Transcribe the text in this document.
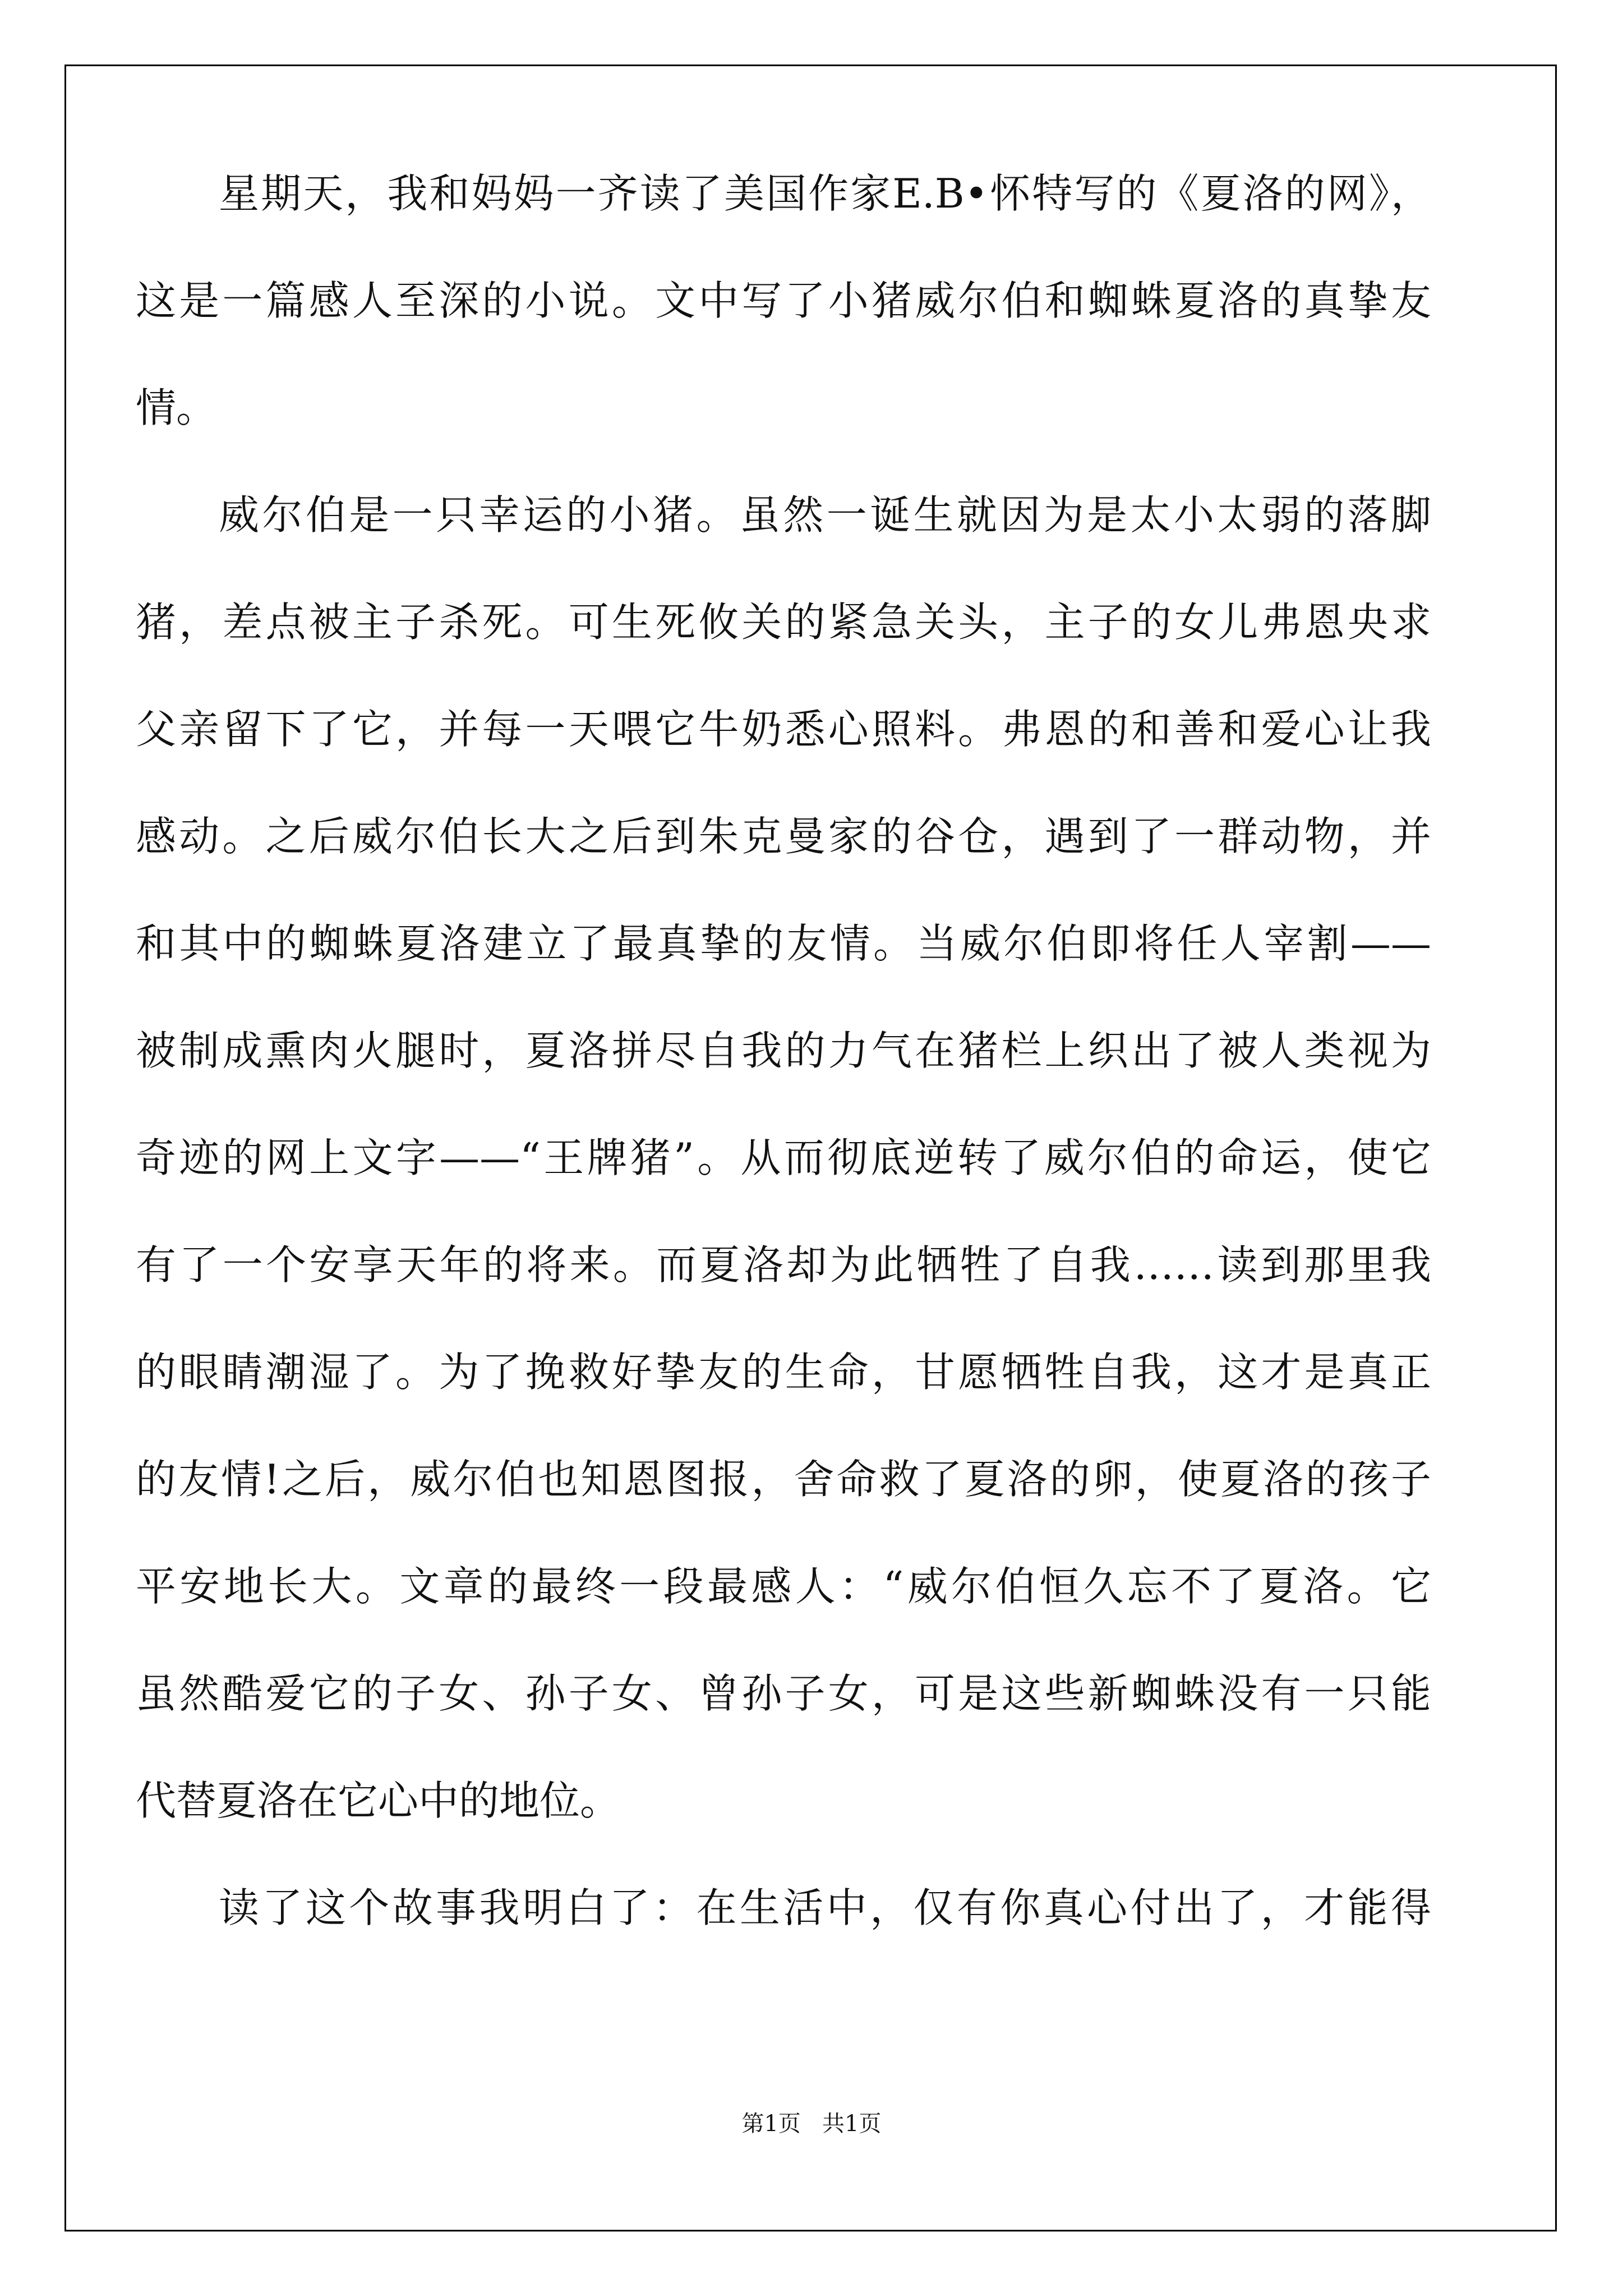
星期天，我和妈妈一齐读了美国作家E.B•怀特写的《夏洛的网》，
这是一篇感人至深的小说。文中写了小猪威尔伯和蜘蛛夏洛的真挚友
情。
威尔伯是一只幸运的小猪。虽然一诞生就因为是太小太弱的落脚
猪，差点被主子杀死。可生死攸关的紧急关头，主子的女儿弗恩央求
父亲留下了它，并每一天喂它牛奶悉心照料。弗恩的和善和爱心让我
感动。之后威尔伯长大之后到朱克曼家的谷仓，遇到了一群动物，并
和其中的蜘蛛夏洛建立了最真挚的友情。当威尔伯即将任人宰割——
被制成熏肉火腿时，夏洛拼尽自我的力气在猪栏上织出了被人类视为
奇迹的网上文字——“王牌猪”。从而彻底逆转了威尔伯的命运，使它
有了一个安享天年的将来。而夏洛却为此牺牲了自我……读到那里我
的眼睛潮湿了。为了挽救好挚友的生命，甘愿牺牲自我，这才是真正
的友情!之后，威尔伯也知恩图报，舍命救了夏洛的卵，使夏洛的孩子
平安地长大。文章的最终一段最感人：“威尔伯恒久忘不了夏洛。它
虽然酷爱它的子女、孙子女、曾孙子女，可是这些新蜘蛛没有一只能
代替夏洛在它心中的地位。
读了这个故事我明白了：在生活中，仅有你真心付出了，才能得
第1页   共1页
